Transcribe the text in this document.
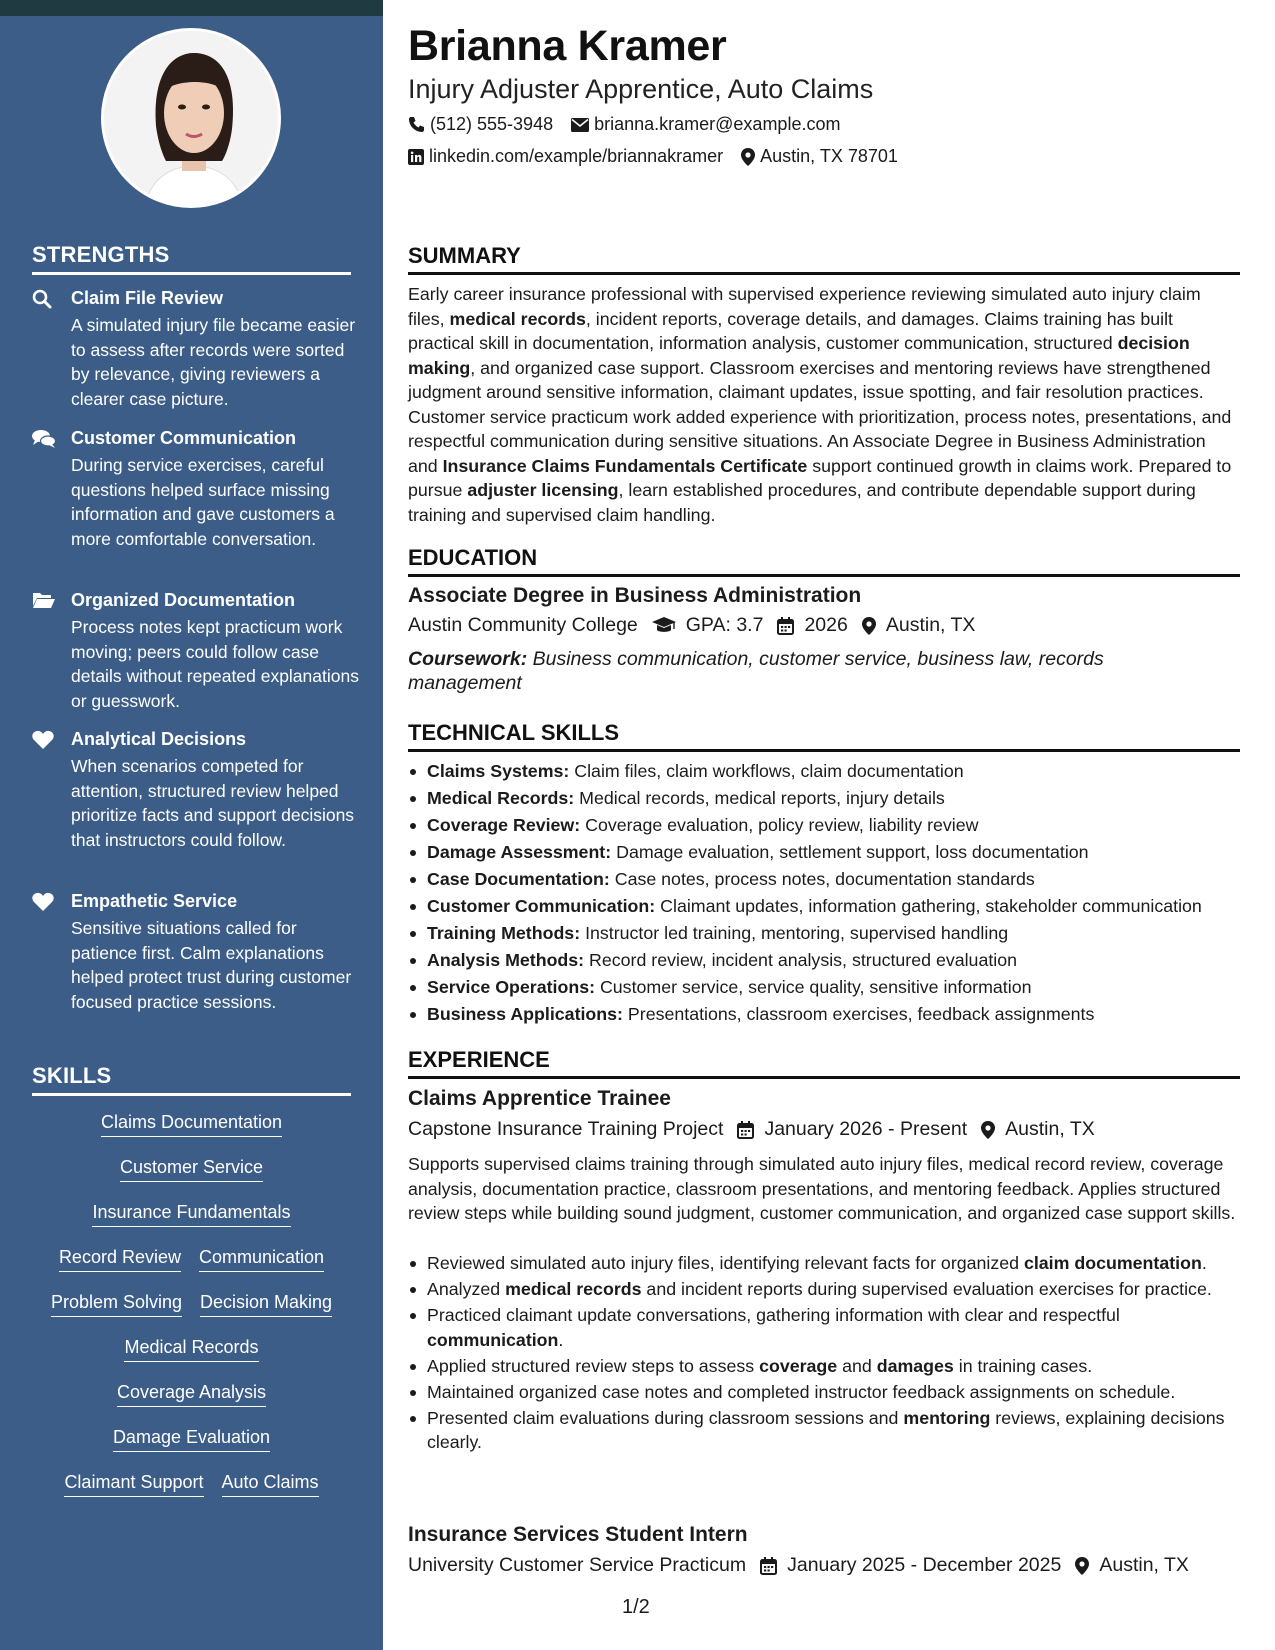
STRENGTHS
Claim File Review
A simulated injury file became easier to assess after records were sorted by relevance, giving reviewers a clearer case picture.
Customer Communication
During service exercises, careful questions helped surface missing information and gave customers a more comfortable conversation.
Organized Documentation
Process notes kept practicum work moving; peers could follow case details without repeated explanations or guesswork.
Analytical Decisions
When scenarios competed for attention, structured review helped prioritize facts and support decisions that instructors could follow.
Empathetic Service
Sensitive situations called for patience first. Calm explanations helped protect trust during customer focused practice sessions.
SKILLS
Claims Documentation
Customer Service
Insurance Fundamentals
Record Review Communication
Problem Solving Decision Making
Medical Records
Coverage Analysis
Damage Evaluation
Claimant Support Auto Claims
Brianna Kramer
Injury Adjuster Apprentice, Auto Claims
(512) 555-3948 brianna.kramer@example.com
linkedin.com/example/briannakramer Austin, TX 78701
SUMMARY
Early career insurance professional with supervised experience reviewing simulated auto injury claim files, medical records, incident reports, coverage details, and damages. Claims training has built practical skill in documentation, information analysis, customer communication, structured decision making, and organized case support. Classroom exercises and mentoring reviews have strengthened judgment around sensitive information, claimant updates, issue spotting, and fair resolution practices. Customer service practicum work added experience with prioritization, process notes, presentations, and respectful communication during sensitive situations. An Associate Degree in Business Administration and Insurance Claims Fundamentals Certificate support continued growth in claims work. Prepared to pursue adjuster licensing, learn established procedures, and contribute dependable support during training and supervised claim handling.
EDUCATION
Associate Degree in Business Administration
Austin Community College GPA: 3.7 2026 Austin, TX
Coursework: Business communication, customer service, business law, records management
TECHNICAL SKILLS
Claims Systems: Claim files, claim workflows, claim documentation
Medical Records: Medical records, medical reports, injury details
Coverage Review: Coverage evaluation, policy review, liability review
Damage Assessment: Damage evaluation, settlement support, loss documentation
Case Documentation: Case notes, process notes, documentation standards
Customer Communication: Claimant updates, information gathering, stakeholder communication
Training Methods: Instructor led training, mentoring, supervised handling
Analysis Methods: Record review, incident analysis, structured evaluation
Service Operations: Customer service, service quality, sensitive information
Business Applications: Presentations, classroom exercises, feedback assignments
EXPERIENCE
Claims Apprentice Trainee
Capstone Insurance Training Project January 2026 - Present Austin, TX
Supports supervised claims training through simulated auto injury files, medical record review, coverage analysis, documentation practice, classroom presentations, and mentoring feedback. Applies structured review steps while building sound judgment, customer communication, and organized case support skills.
Reviewed simulated auto injury files, identifying relevant facts for organized claim documentation.
Analyzed medical records and incident reports during supervised evaluation exercises for practice.
Practiced claimant update conversations, gathering information with clear and respectful communication.
Applied structured review steps to assess coverage and damages in training cases.
Maintained organized case notes and completed instructor feedback assignments on schedule.
Presented claim evaluations during classroom sessions and mentoring reviews, explaining decisions clearly.
Insurance Services Student Intern
University Customer Service Practicum January 2025 - December 2025 Austin, TX
1/2
